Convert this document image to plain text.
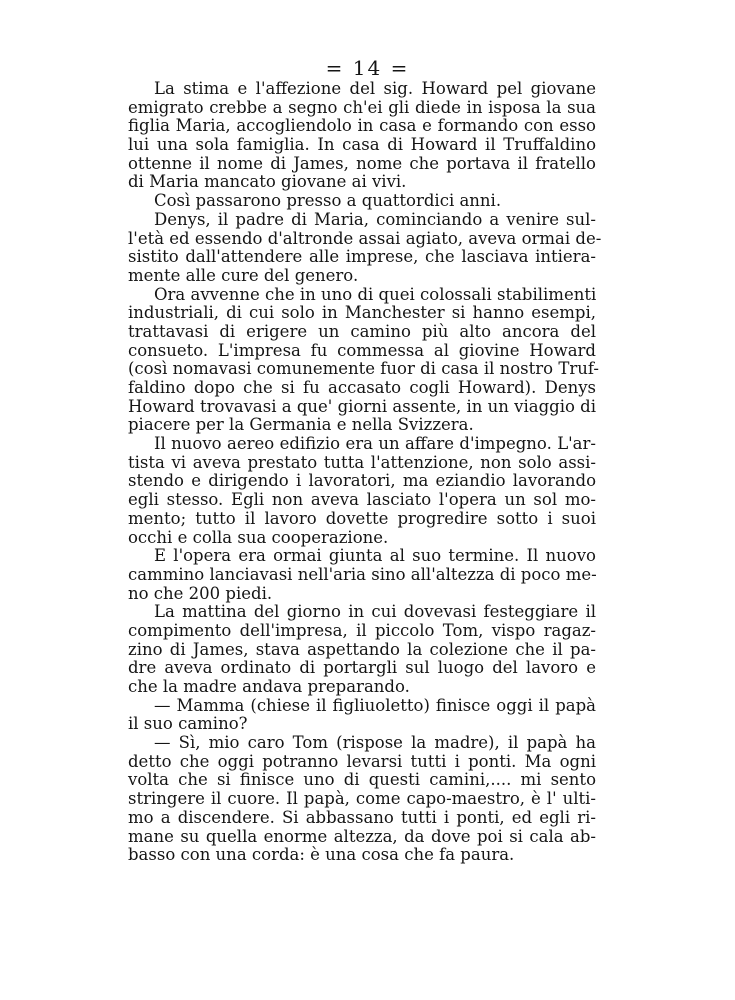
= 14 =
La stima e l'affezione del sig. Howard pel giovane
emigrato crebbe a segno ch'ei gli diede in isposa la sua
figlia Maria, accogliendolo in casa e formando con esso
lui una sola famiglia. In casa di Howard il Truffaldino
ottenne il nome di James, nome che portava il fratello
di Maria mancato giovane ai vivi.
Così passarono presso a quattordici anni.
Denys, il padre di Maria, cominciando a venire sul-
l'età ed essendo d'altronde assai agiato, aveva ormai de-
sistito dall'attendere alle imprese, che lasciava intiera-
mente alle cure del genero.
Ora avvenne che in uno di quei colossali stabilimenti
industriali, di cui solo in Manchester si hanno esempi,
trattavasi di erigere un camino più alto ancora del
consueto. L'impresa fu commessa al giovine Howard
(così nomavasi comunemente fuor di casa il nostro Truf-
faldino dopo che si fu accasato cogli Howard). Denys
Howard trovavasi a que' giorni assente, in un viaggio di
piacere per la Germania e nella Svizzera.
Il nuovo aereo edifizio era un affare d'impegno. L'ar-
tista vi aveva prestato tutta l'attenzione, non solo assi-
stendo e dirigendo i lavoratori, ma eziandio lavorando
egli stesso. Egli non aveva lasciato l'opera un sol mo-
mento; tutto il lavoro dovette progredire sotto i suoi
occhi e colla sua cooperazione.
E l'opera era ormai giunta al suo termine. Il nuovo
cammino lanciavasi nell'aria sino all'altezza di poco me-
no che 200 piedi.
La mattina del giorno in cui dovevasi festeggiare il
compimento dell'impresa, il piccolo Tom, vispo ragaz-
zino di James, stava aspettando la colezione che il pa-
dre aveva ordinato di portargli sul luogo del lavoro e
che la madre andava preparando.
— Mamma (chiese il figliuoletto) finisce oggi il papà
il suo camino?
— Sì, mio caro Tom (rispose la madre), il papà ha
detto che oggi potranno levarsi tutti i ponti. Ma ogni
volta che si finisce uno di questi camini,.... mi sento
stringere il cuore. Il papà, come capo-maestro, è l' ulti-
mo a discendere. Si abbassano tutti i ponti, ed egli ri-
mane su quella enorme altezza, da dove poi si cala ab-
basso con una corda: è una cosa che fa paura.
